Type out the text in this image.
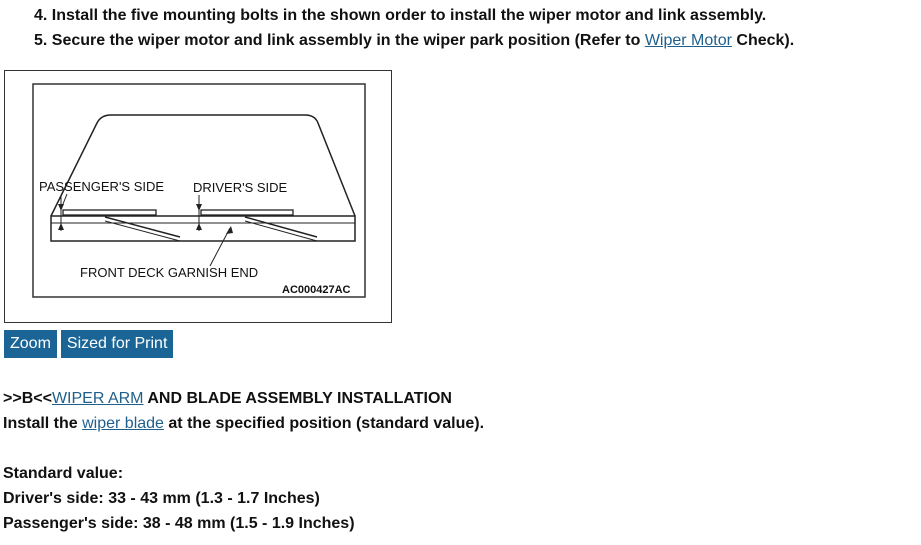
4. Install the five mounting bolts in the shown order to install the wiper motor and link assembly.
5. Secure the wiper motor and link assembly in the wiper park position (Refer to Wiper Motor Check).
PASSENGER'S SIDE DRIVER'S SIDE
FRONT DECK GARNISH END
AC000427AC
Zoom	Sized for Print
>>B<<WIPER ARM AND BLADE ASSEMBLY INSTALLATION
Install the wiper blade at the specified position (standard value).
Standard value:
Driver's side: 33 - 43 mm (1.3 - 1.7 Inches)
Passenger's side: 38 - 48 mm (1.5 - 1.9 Inches)
